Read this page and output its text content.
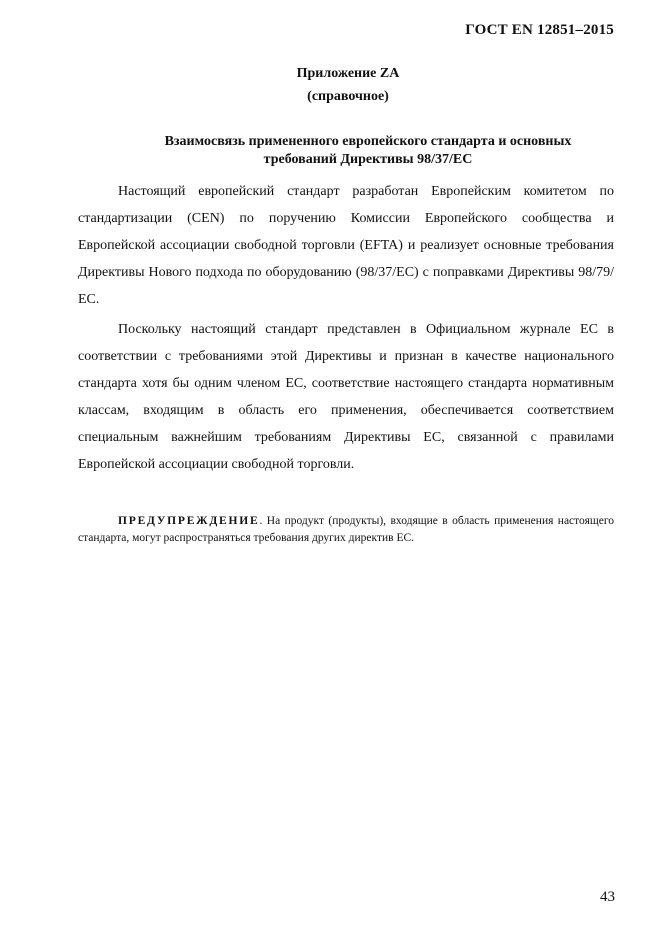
ГОСТ EN 12851–2015
Приложение ZA
(справочное)
Взаимосвязь примененного европейского стандарта и основных
требований Директивы 98/37/ЕС

Настоящий европейский стандарт разработан Европейским комитетом по стандартизации (CEN) по поручению Комиссии Европейского сообщества и Европейской ассоциации свободной торговли (EFTA) и реализует основные требования Директивы Нового подхода по оборудованию (98/37/ЕС) с поправками Директивы 98/79/ЕС.

Поскольку настоящий стандарт представлен в Официальном журнале ЕС в соответствии с требованиями этой Директивы и признан в качестве национального стандарта хотя бы одним членом ЕС, соответствие настоящего стандарта нормативным классам, входящим в область его применения, обеспечивается соответствием специальным важнейшим требованиям Директивы ЕС, связанной с правилами Европейской ассоциации свободной торговли.

ПРЕДУПРЕЖДЕНИЕ. На продукт (продукты), входящие в область применения настоящего стандарта, могут распространяться требования других директив ЕС.

43
